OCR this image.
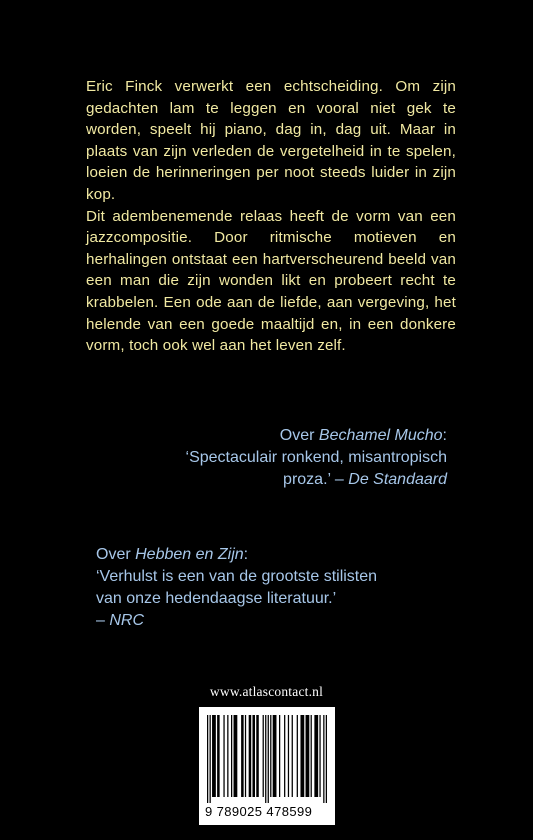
Eric Finck verwerkt een echtscheiding. Om zijn gedachten lam te leggen en vooral niet gek te worden, speelt hij piano, dag in, dag uit. Maar in plaats van zijn verleden de vergetelheid in te spelen, loeien de herinneringen per noot steeds luider in zijn kop.

Dit adembenemende relaas heeft de vorm van een jazzcompositie. Door ritmische motieven en herhalingen ontstaat een hartverscheurend beeld van een man die zijn wonden likt en probeert recht te krabbelen. Een ode aan de liefde, aan vergeving, het helende van een goede maaltijd en, in een donkere vorm, toch ook wel aan het leven zelf.

Over Bechamel Mucho:
‘Spectaculair ronkend, misantropisch
proza.’ – De Standaard
Over Hebben en Zijn:
‘Verhulst is een van de grootste stilisten
van onze hedendaagse literatuur.’
– NRC
www.atlascontact.nl
9 789025 478599
